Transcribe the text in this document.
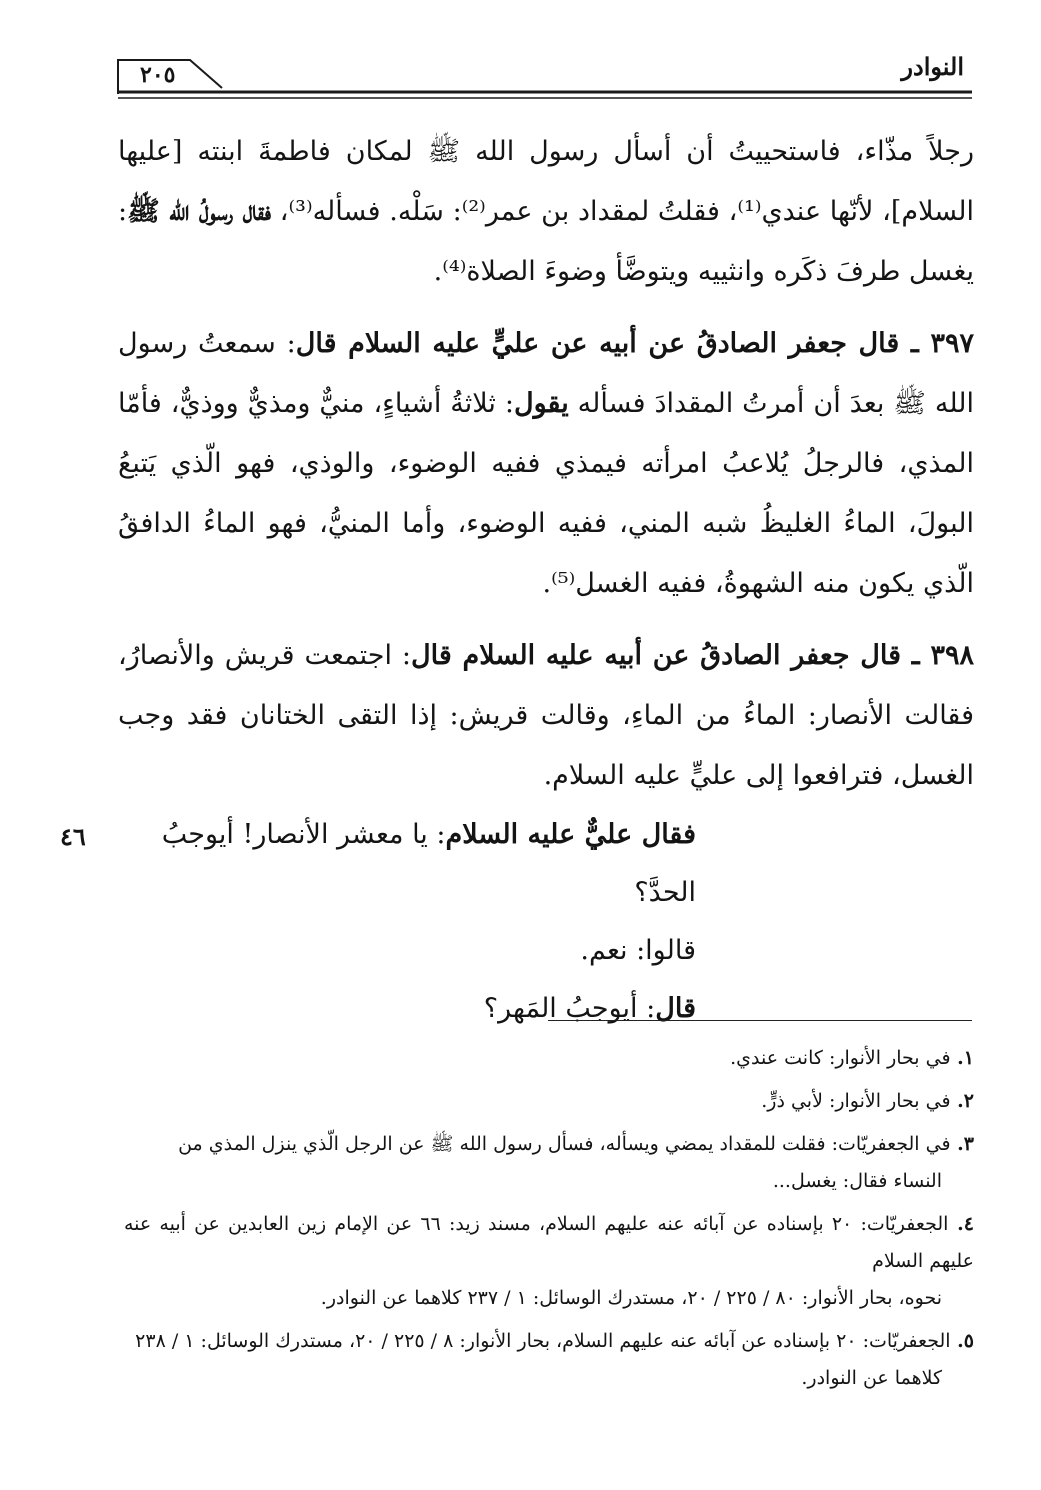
النوادر
٢٠٥

رجلاً مذّاء، فاستحييتُ أن أسأل رسول الله ﷺ لمكان فاطمةَ ابنته [عليها السلام]، لأنّها عندي⁽¹⁾، فقلتُ لمقداد بن عمر⁽²⁾: سَلْه. فسأله⁽³⁾، فقال رسولُ الله ﷺ: يغسل طرفَ ذكَره وانثييه ويتوضَّأ وضوءَ الصلاة⁽⁴⁾.

٣٩٧ ـ قال جعفر الصادقُ عن أبيه عن عليٍّ عليه السلام قال: سمعتُ رسول الله ﷺ بعدَ أن أمرتُ المقدادَ فسأله يقول: ثلاثةُ أشياءٍ، منيٌّ ومذيٌّ ووذيٌّ، فأمّا المذي، فالرجلُ يُلاعبُ امرأته فيمذي ففيه الوضوء، والوذي، فهو الّذي يَتبعُ البولَ، الماءُ الغليظُ شبه المني، ففيه الوضوء، وأما المنيُّ، فهو الماءُ الدافقُ الّذي يكون منه الشهوةُ، ففيه الغسل⁽⁵⁾.

٣٩٨ ـ قال جعفر الصادقُ عن أبيه عليه السلام قال: اجتمعت قريش والأنصارُ، فقالت الأنصار: الماءُ من الماءِ، وقالت قريش: إذا التقى الختانان فقد وجب الغسل، فترافعوا إلى عليٍّ عليه السلام.

فقال عليٌّ عليه السلام: يا معشر الأنصار! أيوجبُ الحدَّ؟

قالوا: نعم.

قال: أيوجبُ المَهر؟

٤٦

١. في بحار الأنوار: كانت عندي.

٢. في بحار الأنوار: لأبي ذرٍّ.

٣. في الجعفريّات: فقلت للمقداد يمضي ويسأله، فسأل رسول الله ﷺ عن الرجل الّذي ينزل المذي من
النساء فقال: يغسل...

٤. الجعفريّات: ٢٠ بإسناده عن آبائه عنه عليهم السلام، مسند زيد: ٦٦ عن الإمام زين العابدين عن أبيه عنه عليهم السلام
نحوه، بحار الأنوار: ٨٠ / ٢٢٥ / ٢٠، مستدرك الوسائل: ١ / ٢٣٧ كلاهما عن النوادر.

٥. الجعفريّات: ٢٠ بإسناده عن آبائه عنه عليهم السلام، بحار الأنوار: ٨ / ٢٢٥ / ٢٠، مستدرك الوسائل: ١ / ٢٣٨
كلاهما عن النوادر.
